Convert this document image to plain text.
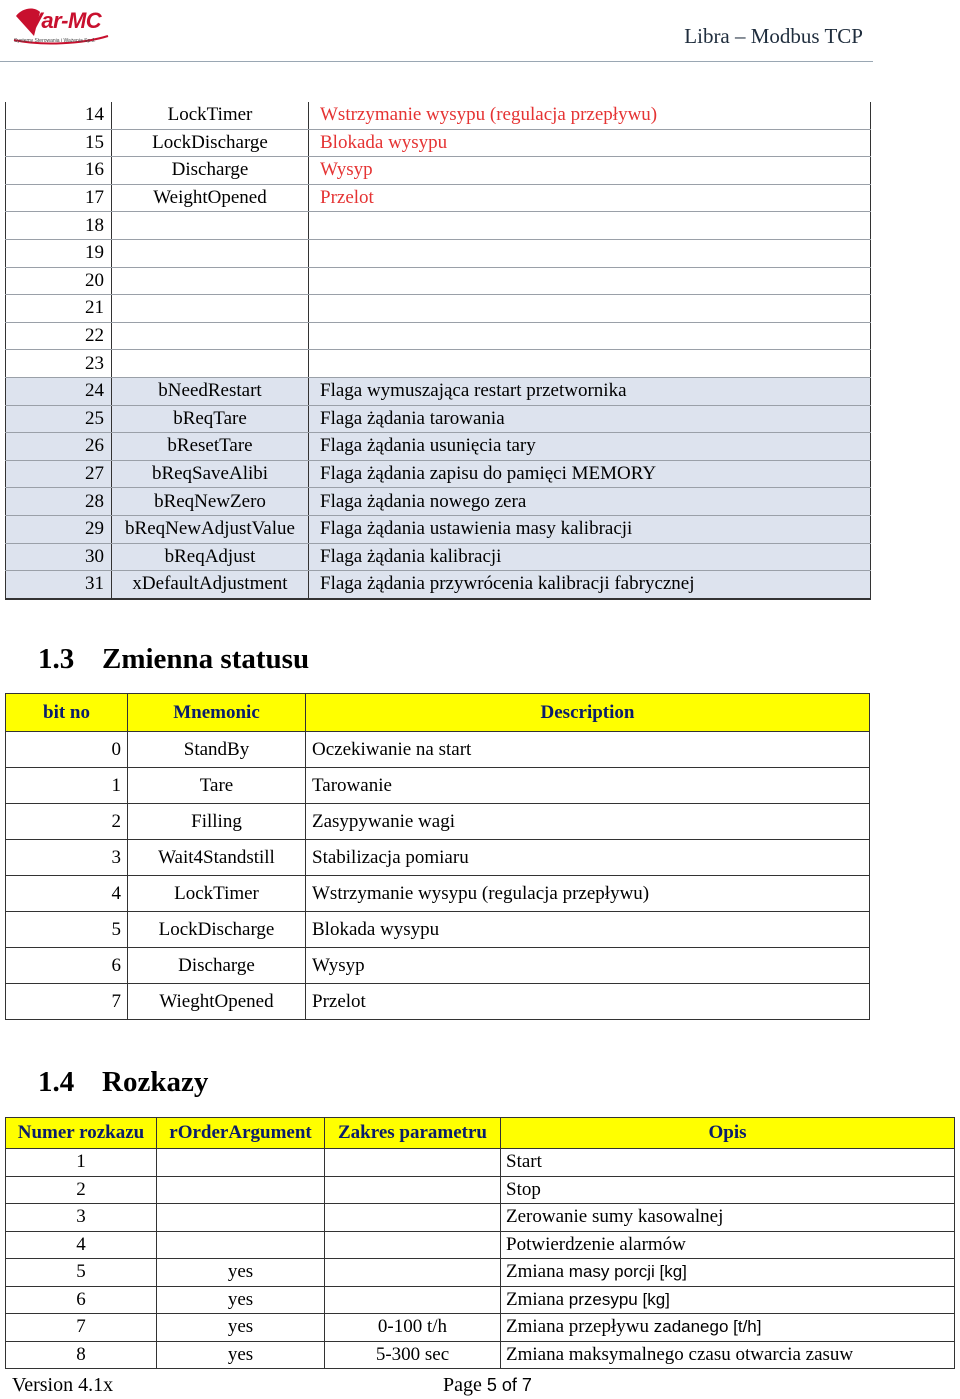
Var-MC
Systemy Sterowania i Ważenia Sp.J.	Libra – Modbus TCP
14	LockTimer	Wstrzymanie wysypu (regulacja przepływu)
15	LockDischarge	Blokada wysypu
16	Discharge	Wysyp
17	WeightOpened	Przelot
18		
19		
20		
21		
22		
23		
24	bNeedRestart	Flaga wymuszająca restart przetwornika
25	bReqTare	Flaga żądania tarowania
26	bResetTare	Flaga żądania usunięcia tary
27	bReqSaveAlibi	Flaga żądania zapisu do pamięci MEMORY
28	bReqNewZero	Flaga żądania nowego zera
29	bReqNewAdjustValue	Flaga żądania ustawienia masy kalibracji
30	bReqAdjust	Flaga żądania kalibracji
31	xDefaultAdjustment	Flaga żądania przywrócenia kalibracji fabrycznej
1.3 Zmienna statusu
bit no	Mnemonic	Description
0	StandBy	Oczekiwanie na start
1	Tare	Tarowanie
2	Filling	Zasypywanie wagi
3	Wait4Standstill	Stabilizacja pomiaru
4	LockTimer	Wstrzymanie wysypu (regulacja przepływu)
5	LockDischarge	Blokada wysypu
6	Discharge	Wysyp
7	WieghtOpened	Przelot
1.4 Rozkazy
Numer rozkazu	rOrderArgument	Zakres parametru	Opis
1			Start
2			Stop
3			Zerowanie sumy kasowalnej
4			Potwierdzenie alarmów
5	yes		Zmiana masy porcji [kg]
6	yes		Zmiana przesypu [kg]
7	yes	0-100 t/h	Zmiana przepływu zadanego [t/h]
8	yes	5-300 sec	Zmiana maksymalnego czasu otwarcia zasuw
Version 4.1x	Page 5 of 7
